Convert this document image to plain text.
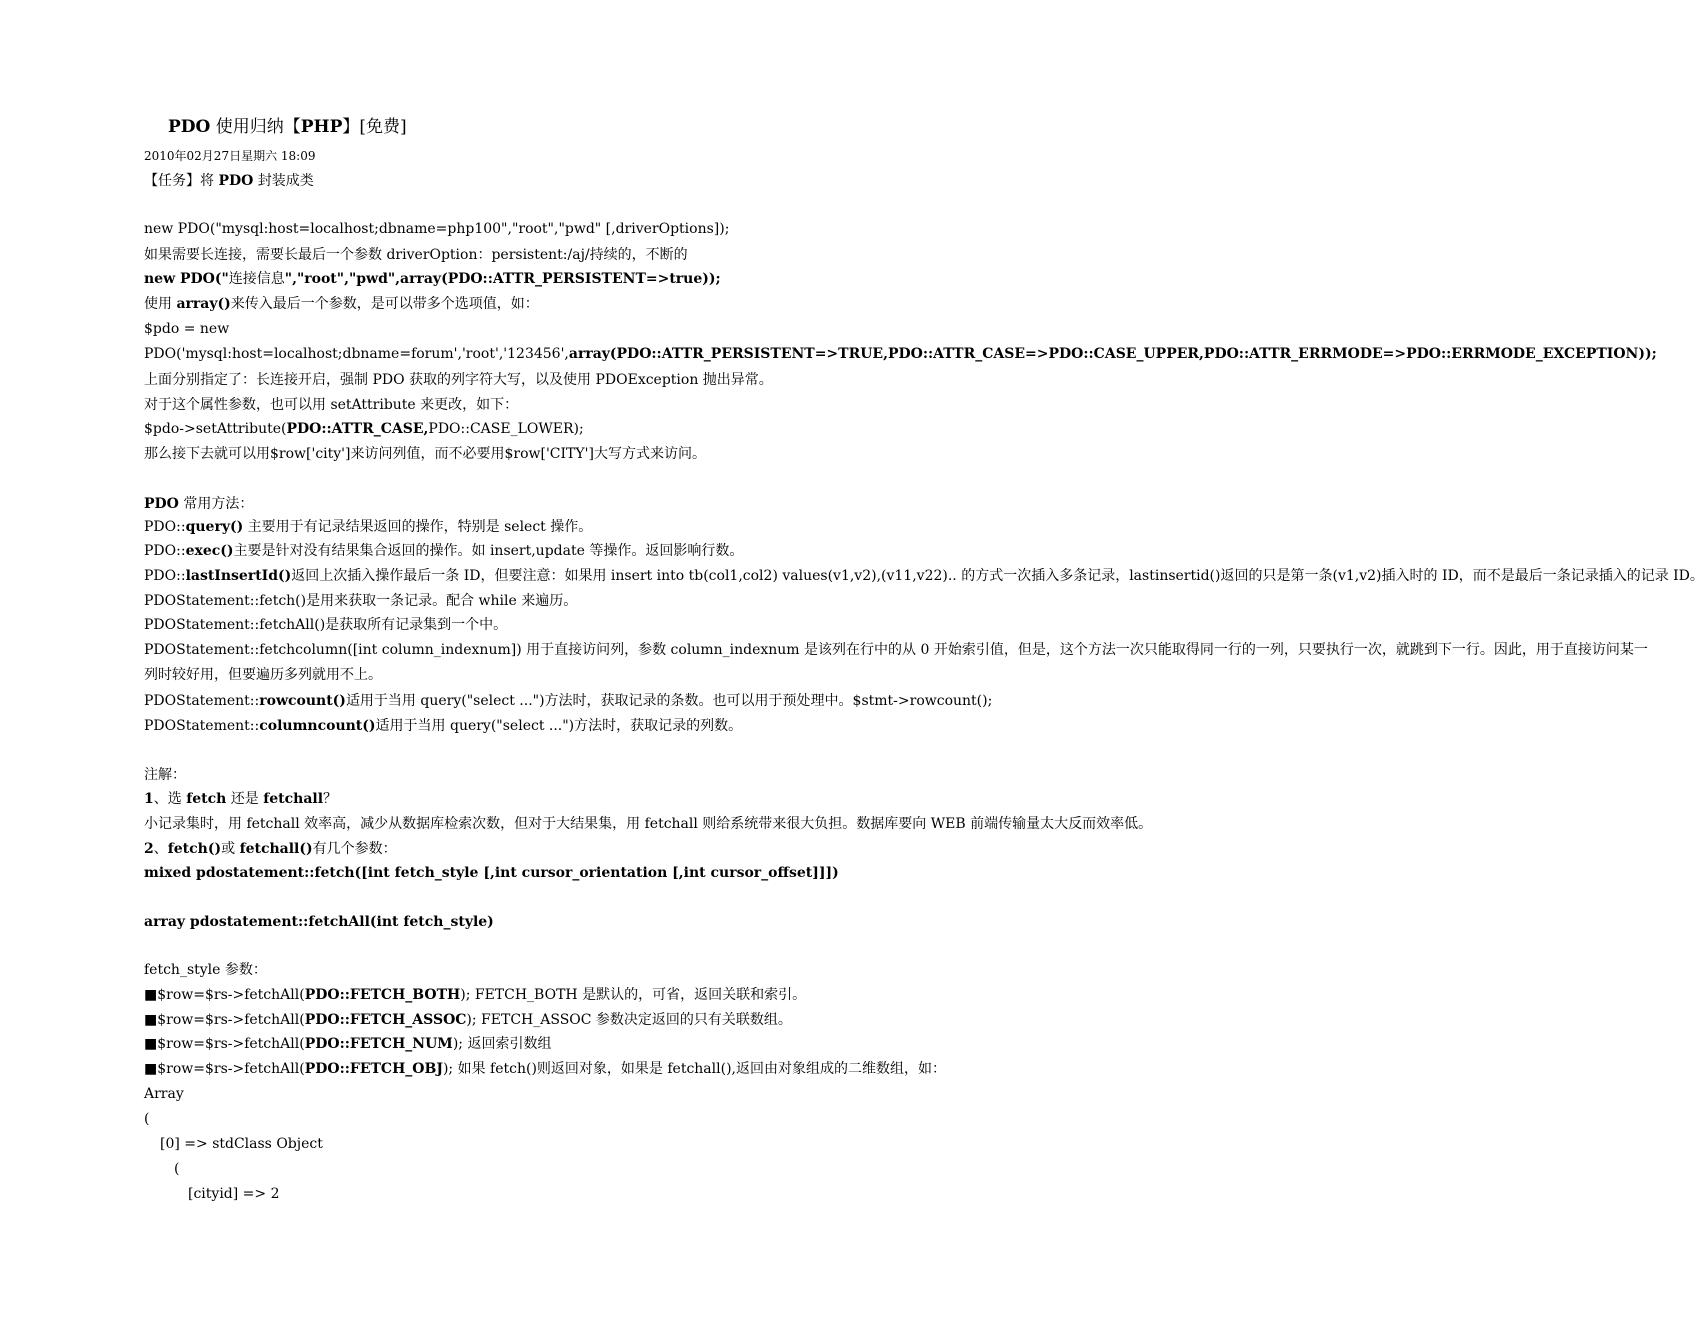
PDO 使用归纳【PHP】[免费]
2010年02月27日星期六 18:09
【任务】将 PDO 封装成类
new PDO("mysql:host=localhost;dbname=php100","root","pwd" [,driverOptions]);
如果需要长连接，需要长最后一个参数 driverOption：persistent:/aj/持续的，不断的
new PDO("连接信息","root","pwd",array(PDO::ATTR_PERSISTENT=>true));
使用 array()来传入最后一个参数，是可以带多个选项值，如：
$pdo = new
PDO('mysql:host=localhost;dbname=forum','root','123456',array(PDO::ATTR_PERSISTENT=>TRUE,PDO::ATTR_CASE=>PDO::CASE_UPPER,PDO::ATTR_ERRMODE=>PDO::ERRMODE_EXCEPTION));
上面分别指定了：长连接开启，强制 PDO 获取的列字符大写，以及使用 PDOException 抛出异常。
对于这个属性参数，也可以用 setAttribute 来更改，如下：
$pdo->setAttribute(PDO::ATTR_CASE,PDO::CASE_LOWER);
那么接下去就可以用$row['city']来访问列值，而不必要用$row['CITY']大写方式来访问。
PDO 常用方法：
PDO::query() 主要用于有记录结果返回的操作，特别是 select 操作。
PDO::exec()主要是针对没有结果集合返回的操作。如 insert,update 等操作。返回影响行数。
PDO::lastInsertId()返回上次插入操作最后一条 ID，但要注意：如果用 insert into tb(col1,col2) values(v1,v2),(v11,v22).. 的方式一次插入多条记录，lastinsertid()返回的只是第一条(v1,v2)插入时的 ID，而不是最后一条记录插入的记录 ID。
PDOStatement::fetch()是用来获取一条记录。配合 while 来遍历。
PDOStatement::fetchAll()是获取所有记录集到一个中。
PDOStatement::fetchcolumn([int column_indexnum]) 用于直接访问列，参数 column_indexnum 是该列在行中的从 0 开始索引值，但是，这个方法一次只能取得同一行的一列，只要执行一次，就跳到下一行。因此，用于直接访问某一
列时较好用，但要遍历多列就用不上。
PDOStatement::rowcount()适用于当用 query("select ...")方法时，获取记录的条数。也可以用于预处理中。$stmt->rowcount();
PDOStatement::columncount()适用于当用 query("select ...")方法时，获取记录的列数。
注解：
1、选 fetch 还是 fetchall？
小记录集时，用 fetchall 效率高，减少从数据库检索次数，但对于大结果集，用 fetchall 则给系统带来很大负担。数据库要向 WEB 前端传输量太大反而效率低。
2、fetch()或 fetchall()有几个参数：
mixed pdostatement::fetch([int fetch_style [,int cursor_orientation [,int cursor_offset]]])
array pdostatement::fetchAll(int fetch_style)
fetch_style 参数：
■$row=$rs->fetchAll(PDO::FETCH_BOTH); FETCH_BOTH 是默认的，可省，返回关联和索引。
■$row=$rs->fetchAll(PDO::FETCH_ASSOC); FETCH_ASSOC 参数决定返回的只有关联数组。
■$row=$rs->fetchAll(PDO::FETCH_NUM); 返回索引数组
■$row=$rs->fetchAll(PDO::FETCH_OBJ); 如果 fetch()则返回对象，如果是 fetchall(),返回由对象组成的二维数组，如：
Array
(
[0] => stdClass Object
(
[cityid] => 2
